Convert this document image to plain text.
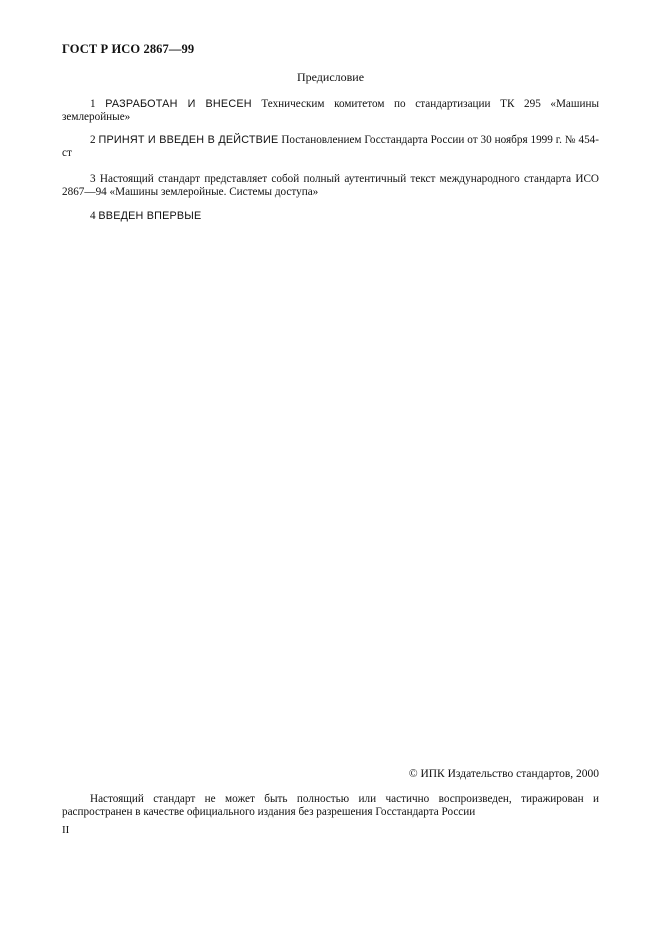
ГОСТ Р ИСО 2867—99
Предисловие
1 РАЗРАБОТАН И ВНЕСЕН Техническим комитетом по стандартизации ТК 295 «Машины землеройные»
2 ПРИНЯТ И ВВЕДЕН В ДЕЙСТВИЕ Постановлением Госстандарта России от 30 ноября 1999 г. № 454-ст
3 Настоящий стандарт представляет собой полный аутентичный текст международного стандарта ИСО 2867—94 «Машины землеройные. Системы доступа»
4 ВВЕДЕН ВПЕРВЫЕ
© ИПК Издательство стандартов, 2000
Настоящий стандарт не может быть полностью или частично воспроизведен, тиражирован и распространен в качестве официального издания без разрешения Госстандарта России
II
